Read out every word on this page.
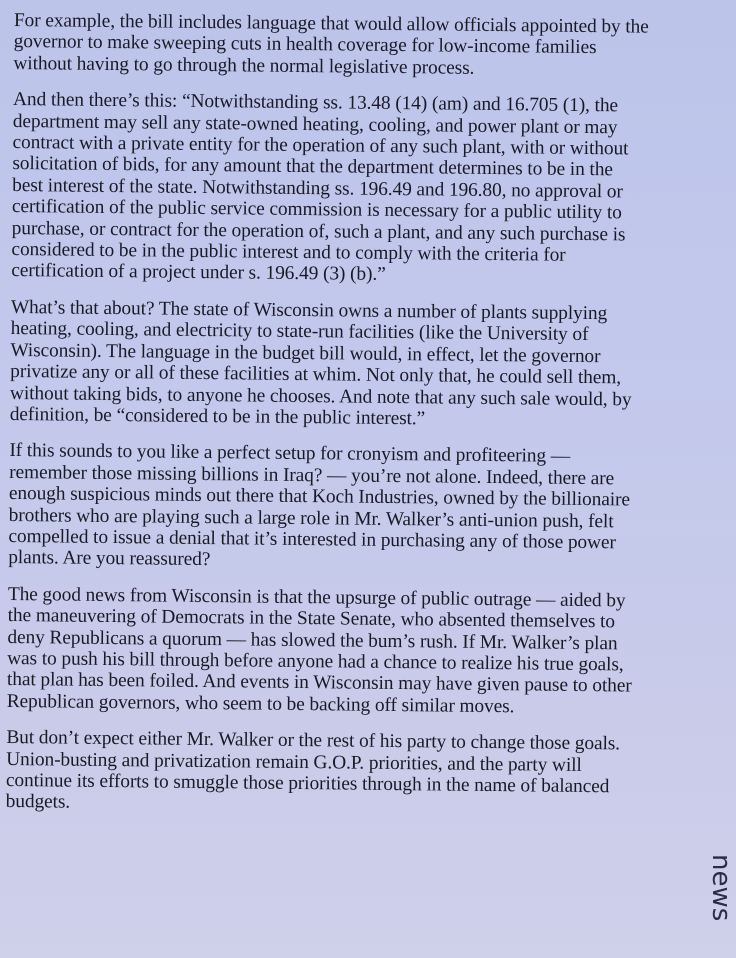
For example, the bill includes language that would allow officials appointed by the
governor to make sweeping cuts in health coverage for low-income families
without having to go through the normal legislative process.

And then there’s this: “Notwithstanding ss. 13.48 (14) (am) and 16.705 (1), the
department may sell any state-owned heating, cooling, and power plant or may
contract with a private entity for the operation of any such plant, with or without
solicitation of bids, for any amount that the department determines to be in the
best interest of the state. Notwithstanding ss. 196.49 and 196.80, no approval or
certification of the public service commission is necessary for a public utility to
purchase, or contract for the operation of, such a plant, and any such purchase is
considered to be in the public interest and to comply with the criteria for
certification of a project under s. 196.49 (3) (b).”

What’s that about? The state of Wisconsin owns a number of plants supplying
heating, cooling, and electricity to state-run facilities (like the University of
Wisconsin). The language in the budget bill would, in effect, let the governor
privatize any or all of these facilities at whim. Not only that, he could sell them,
without taking bids, to anyone he chooses. And note that any such sale would, by
definition, be “considered to be in the public interest.”

If this sounds to you like a perfect setup for cronyism and profiteering —
remember those missing billions in Iraq? — you’re not alone. Indeed, there are
enough suspicious minds out there that Koch Industries, owned by the billionaire
brothers who are playing such a large role in Mr. Walker’s anti-union push, felt
compelled to issue a denial that it’s interested in purchasing any of those power
plants. Are you reassured?

The good news from Wisconsin is that the upsurge of public outrage — aided by
the maneuvering of Democrats in the State Senate, who absented themselves to
deny Republicans a quorum — has slowed the bum’s rush. If Mr. Walker’s plan
was to push his bill through before anyone had a chance to realize his true goals,
that plan has been foiled. And events in Wisconsin may have given pause to other
Republican governors, who seem to be backing off similar moves.

But don’t expect either Mr. Walker or the rest of his party to change those goals.
Union-busting and privatization remain G.O.P. priorities, and the party will
continue its efforts to smuggle those priorities through in the name of balanced
budgets.

news
